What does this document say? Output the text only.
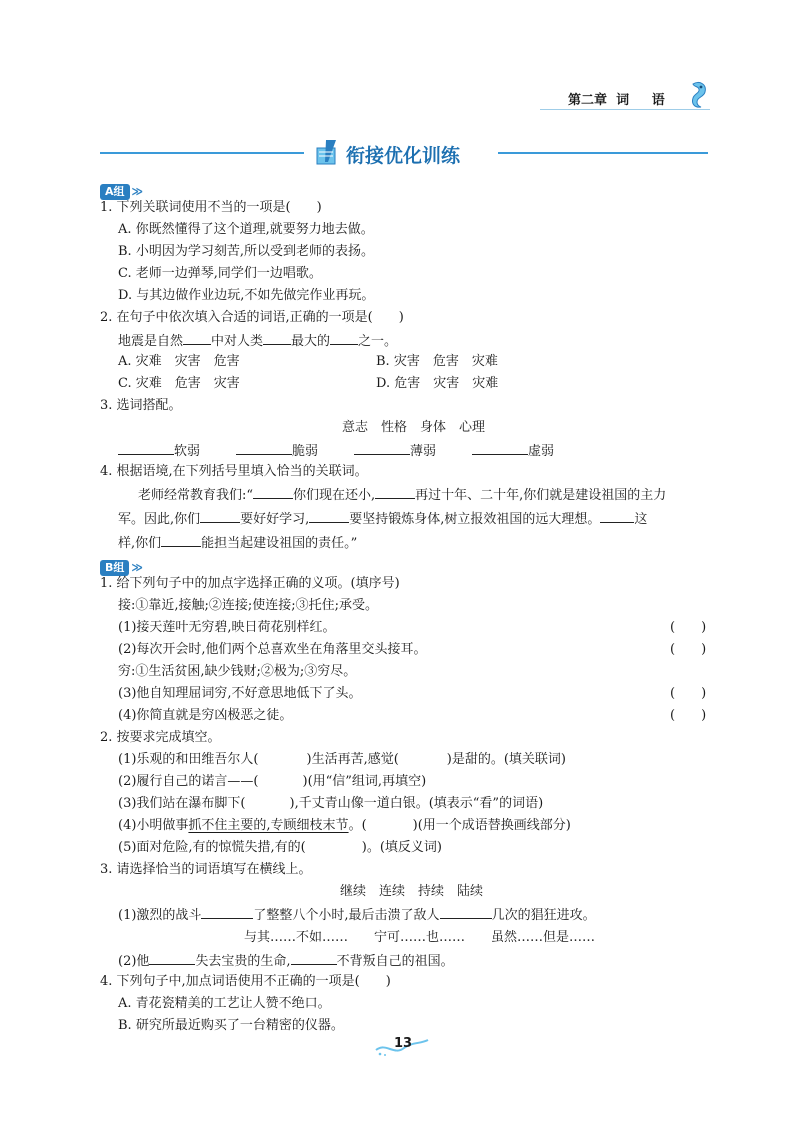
第二章 词 语
衔接优化训练
A组 ≫
1. 下列关联词使用不当的一项是( )
A. 你既然懂得了这个道理,就要努力地去做。
B. 小明因为学习刻苦,所以受到老师的表扬。
C. 老师一边弹琴,同学们一边唱歌。
D. 与其边做作业边玩,不如先做完作业再玩。
2. 在句子中依次填入合适的词语,正确的一项是( )
地震是自然 中对人类 最大的 之一。
A. 灾难　灾害　危害	B. 灾害　危害　灾难
C. 灾难　危害　灾害	D. 危害　灾害　灾难
3. 选词搭配。
意志　性格　身体　心理
软弱	脆弱	薄弱	虚弱
4. 根据语境,在下列括号里填入恰当的关联词。
老师经常教育我们:“	你们现在还小,	再过十年、二十年,你们就是建设祖国的主力
军。因此,你们	要好好学习,	要坚持锻炼身体,树立报效祖国的远大理想。	这
样,你们	能担当起建设祖国的责任。”
B组 ≫
1. 给下列句子中的加点字选择正确的义项。(填序号)
接:①靠近,接触;②连接;使连接;③托住;承受。
(1)接天莲叶无穷碧,映日荷花别样红。	(　　)
(2)每次开会时,他们两个总喜欢坐在角落里交头接耳。	(　　)
穷:①生活贫困,缺少钱财;②极为;③穷尽。
(3)他自知理屈词穷,不好意思地低下了头。	(　　)
(4)你简直就是穷凶极恶之徒。	(　　)
2. 按要求完成填空。
(1)乐观的和田维吾尔人(	)生活再苦,感觉(	)是甜的。(填关联词)
(2)履行自己的诺言——(	)(用“信”组词,再填空)
(3)我们站在瀑布脚下(	),千丈青山像一道白银。(填表示“看”的词语)
(4)小明做事抓不住主要的,专顾细枝末节。(	)(用一个成语替换画线部分)
(5)面对危险,有的惊慌失措,有的(	)。(填反义词)
3. 请选择恰当的词语填写在横线上。
继续　连续　持续　陆续
(1)激烈的战斗	了整整八个小时,最后击溃了敌人	几次的猖狂进攻。
与其……不如……　　宁可……也……　　虽然……但是……
(2)他	失去宝贵的生命,	不背叛自己的祖国。
4. 下列句子中,加点词语使用不正确的一项是( )
A. 青花瓷精美的工艺让人赞不绝口。
B. 研究所最近购买了一台精密的仪器。
13
